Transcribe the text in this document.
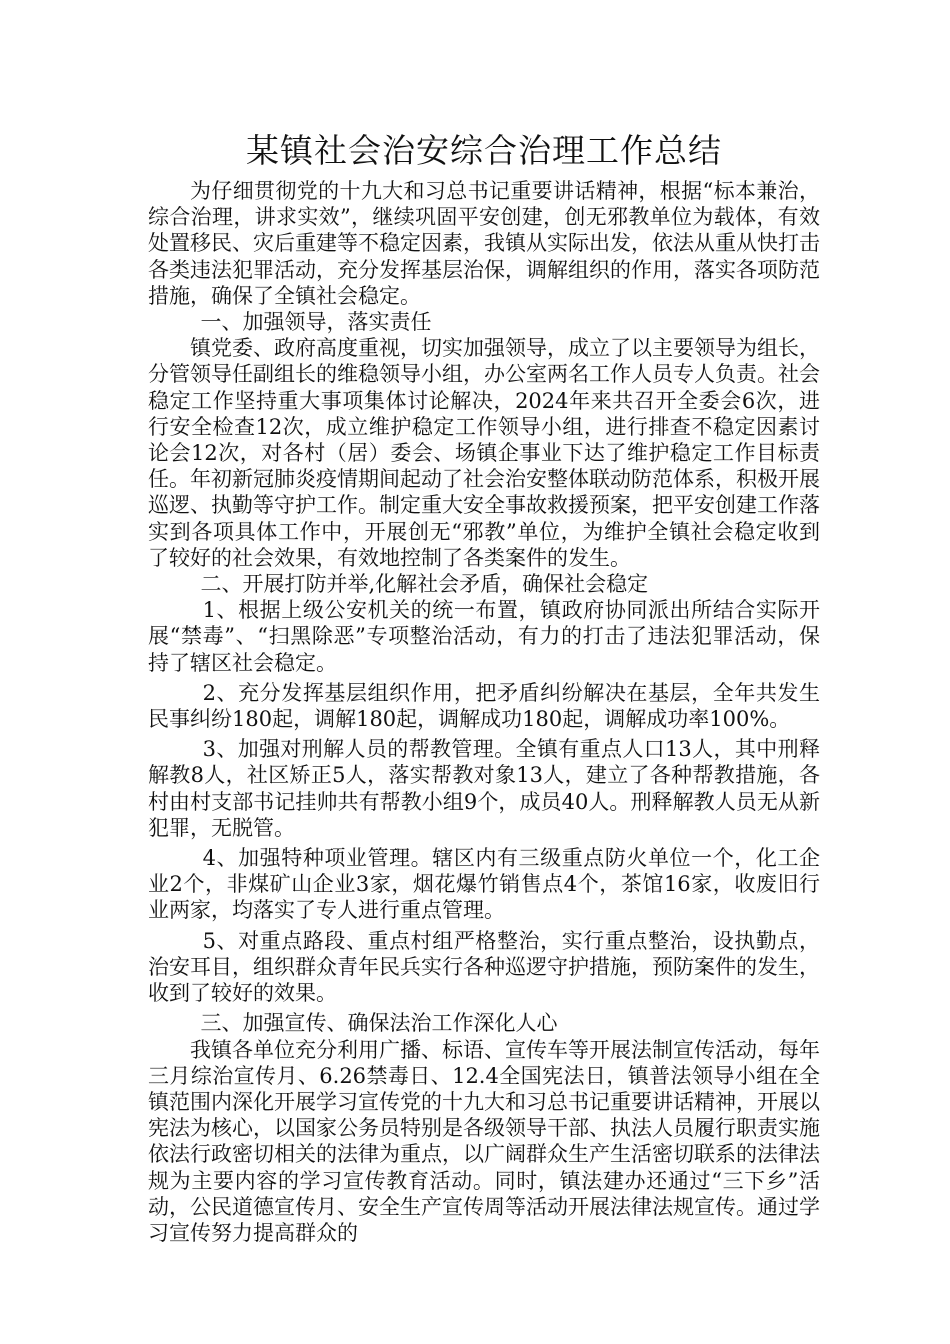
某镇社会治安综合治理工作总结

为仔细贯彻党的十九大和习总书记重要讲话精神，根据“标本兼治，综合治理，讲求实效”，继续巩固平安创建，创无邪教单位为载体，有效处置移民、灾后重建等不稳定因素，我镇从实际出发，依法从重从快打击各类违法犯罪活动，充分发挥基层治保，调解组织的作用，落实各项防范措施，确保了全镇社会稳定。

一、加强领导，落实责任

镇党委、政府高度重视，切实加强领导，成立了以主要领导为组长，分管领导任副组长的维稳领导小组，办公室两名工作人员专人负责。社会稳定工作坚持重大事项集体讨论解决，2024年来共召开全委会6次，进行安全检查12次，成立维护稳定工作领导小组，进行排查不稳定因素讨论会12次，对各村（居）委会、场镇企事业下达了维护稳定工作目标责任。年初新冠肺炎疫情期间起动了社会治安整体联动防范体系，积极开展巡逻、执勤等守护工作。制定重大安全事故救援预案，把平安创建工作落实到各项具体工作中，开展创无“邪教”单位，为维护全镇社会稳定收到了较好的社会效果，有效地控制了各类案件的发生。

二、开展打防并举,化解社会矛盾，确保社会稳定

1、根据上级公安机关的统一布置，镇政府协同派出所结合实际开展“禁毒”、“扫黑除恶”专项整治活动，有力的打击了违法犯罪活动，保持了辖区社会稳定。

2、充分发挥基层组织作用，把矛盾纠纷解决在基层，全年共发生民事纠纷180起，调解180起，调解成功180起，调解成功率100%。

3、加强对刑解人员的帮教管理。全镇有重点人口13人，其中刑释解教8人，社区矫正5人，落实帮教对象13人，建立了各种帮教措施，各村由村支部书记挂帅共有帮教小组9个，成员40人。刑释解教人员无从新犯罪，无脱管。

4、加强特种项业管理。辖区内有三级重点防火单位一个，化工企业2个，非煤矿山企业3家，烟花爆竹销售点4个，茶馆16家，收废旧行业两家，均落实了专人进行重点管理。

5、对重点路段、重点村组严格整治，实行重点整治，设执勤点，治安耳目，组织群众青年民兵实行各种巡逻守护措施，预防案件的发生，收到了较好的效果。

三、加强宣传、确保法治工作深化人心

我镇各单位充分利用广播、标语、宣传车等开展法制宣传活动，每年三月综治宣传月、6.26禁毒日、12.4全国宪法日，镇普法领导小组在全镇范围内深化开展学习宣传党的十九大和习总书记重要讲话精神，开展以宪法为核心，以国家公务员特别是各级领导干部、执法人员履行职责实施依法行政密切相关的法律为重点，以广阔群众生产生活密切联系的法律法规为主要内容的学习宣传教育活动。同时，镇法建办还通过“三下乡”活动，公民道德宣传月、安全生产宣传周等活动开展法律法规宣传。通过学习宣传努力提高群众的
